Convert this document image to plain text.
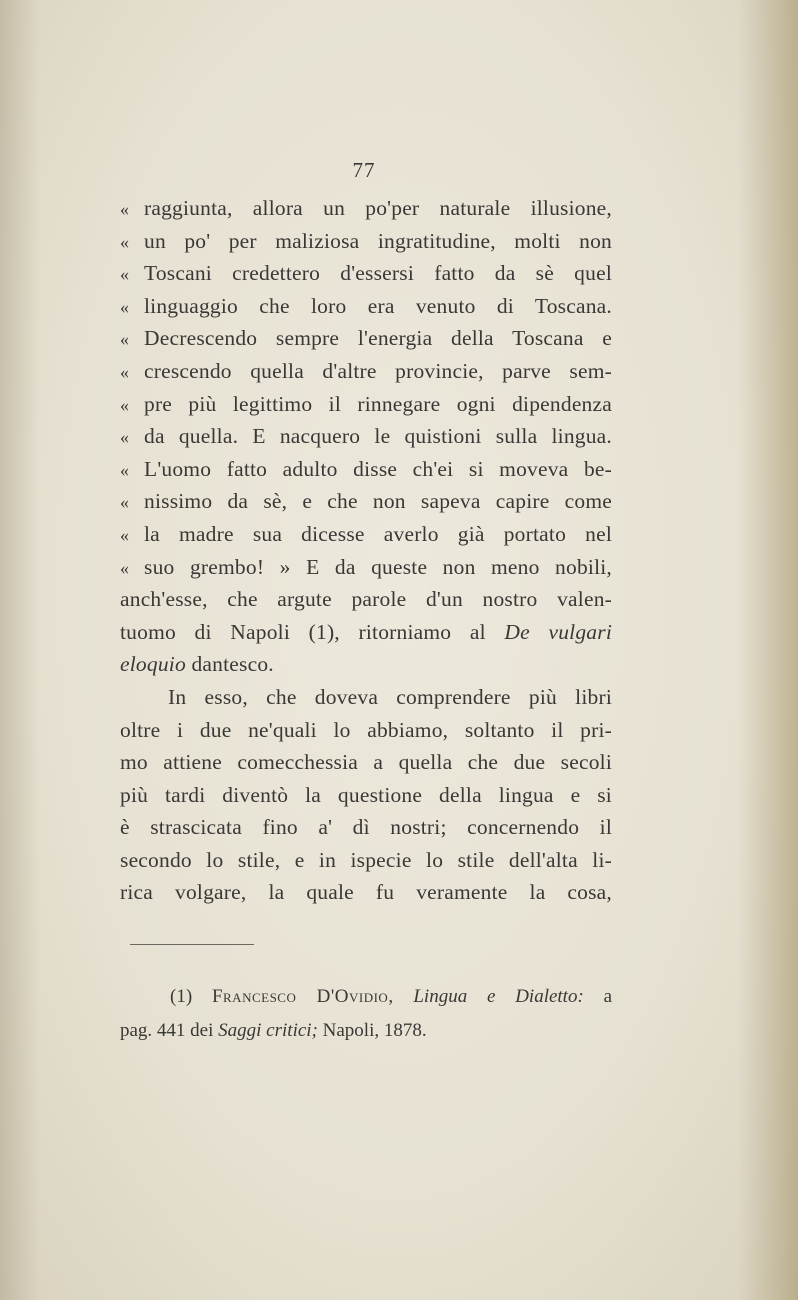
77
« raggiunta, allora un po'per naturale illusione,
« un po' per maliziosa ingratitudine, molti non
« Toscani credettero d'essersi fatto da sè quel
« linguaggio che loro era venuto di Toscana.
« Decrescendo sempre l'energia della Toscana e
« crescendo quella d'altre provincie, parve sem-
« pre più legittimo il rinnegare ogni dipendenza
« da quella. E nacquero le quistioni sulla lingua.
« L'uomo fatto adulto disse ch'ei si moveva be-
« nissimo da sè, e che non sapeva capire come
« la madre sua dicesse averlo già portato nel
« suo grembo! » E da queste non meno nobili,
anch'esse, che argute parole d'un nostro valen-
tuomo di Napoli (1), ritorniamo al De vulgari
eloquio dantesco.
In esso, che doveva comprendere più libri
oltre i due ne'quali lo abbiamo, soltanto il pri-
mo attiene comecchessia a quella che due secoli
più tardi diventò la questione della lingua e si
è strascicata fino a' dì nostri; concernendo il
secondo lo stile, e in ispecie lo stile dell'alta li-
rica volgare, la quale fu veramente la cosa,
(1) Francesco D'Ovidio, Lingua e Dialetto: a
pag. 441 dei Saggi critici; Napoli, 1878.
